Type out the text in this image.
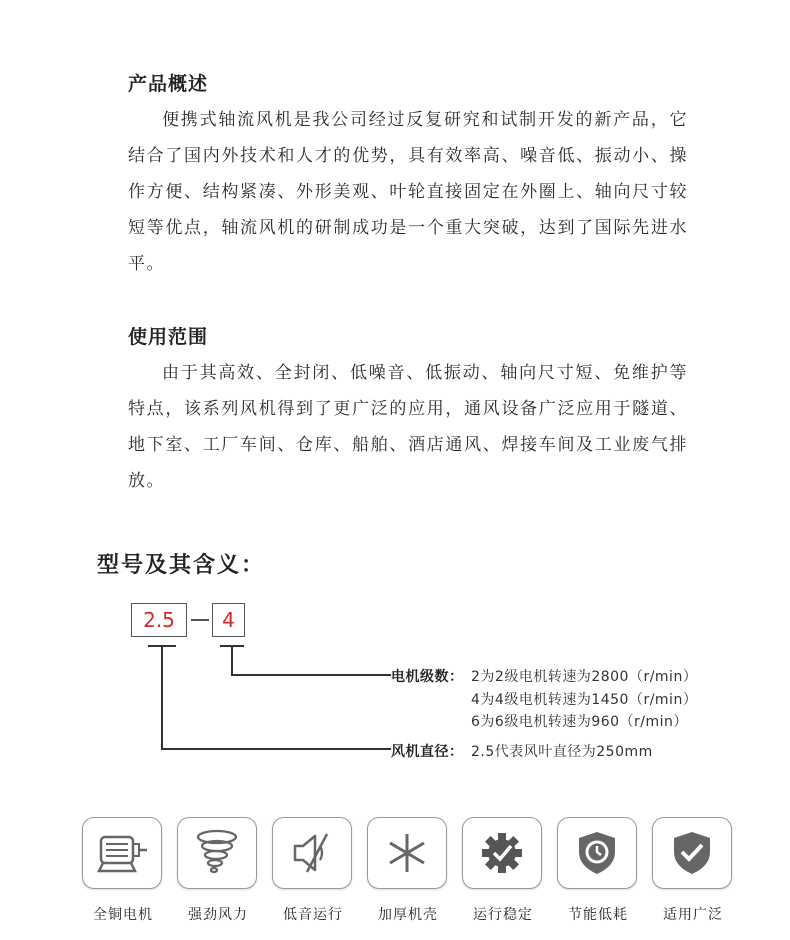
产品概述

便携式轴流风机是我公司经过反复研究和试制开发的新产品，它结合了国内外技术和人才的优势，具有效率高、噪音低、振动小、操作方便、结构紧凑、外形美观、叶轮直接固定在外圈上、轴向尺寸较短等优点，轴流风机的研制成功是一个重大突破，达到了国际先进水平。

使用范围

由于其高效、全封闭、低噪音、低振动、轴向尺寸短、免维护等特点，该系列风机得到了更广泛的应用，通风设备广泛应用于隧道、地下室、工厂车间、仓库、船舶、酒店通风、焊接车间及工业废气排放。

型号及其含义：
2.5	4
电机级数： 2为2级电机转速为2800（r/min）
4为4级电机转速为1450（r/min）
6为6级电机转速为960（r/min）
风机直径： 2.5代表风叶直径为250mm
全铜电机	强劲风力	低音运行	加厚机壳	运行稳定	节能低耗	适用广泛
